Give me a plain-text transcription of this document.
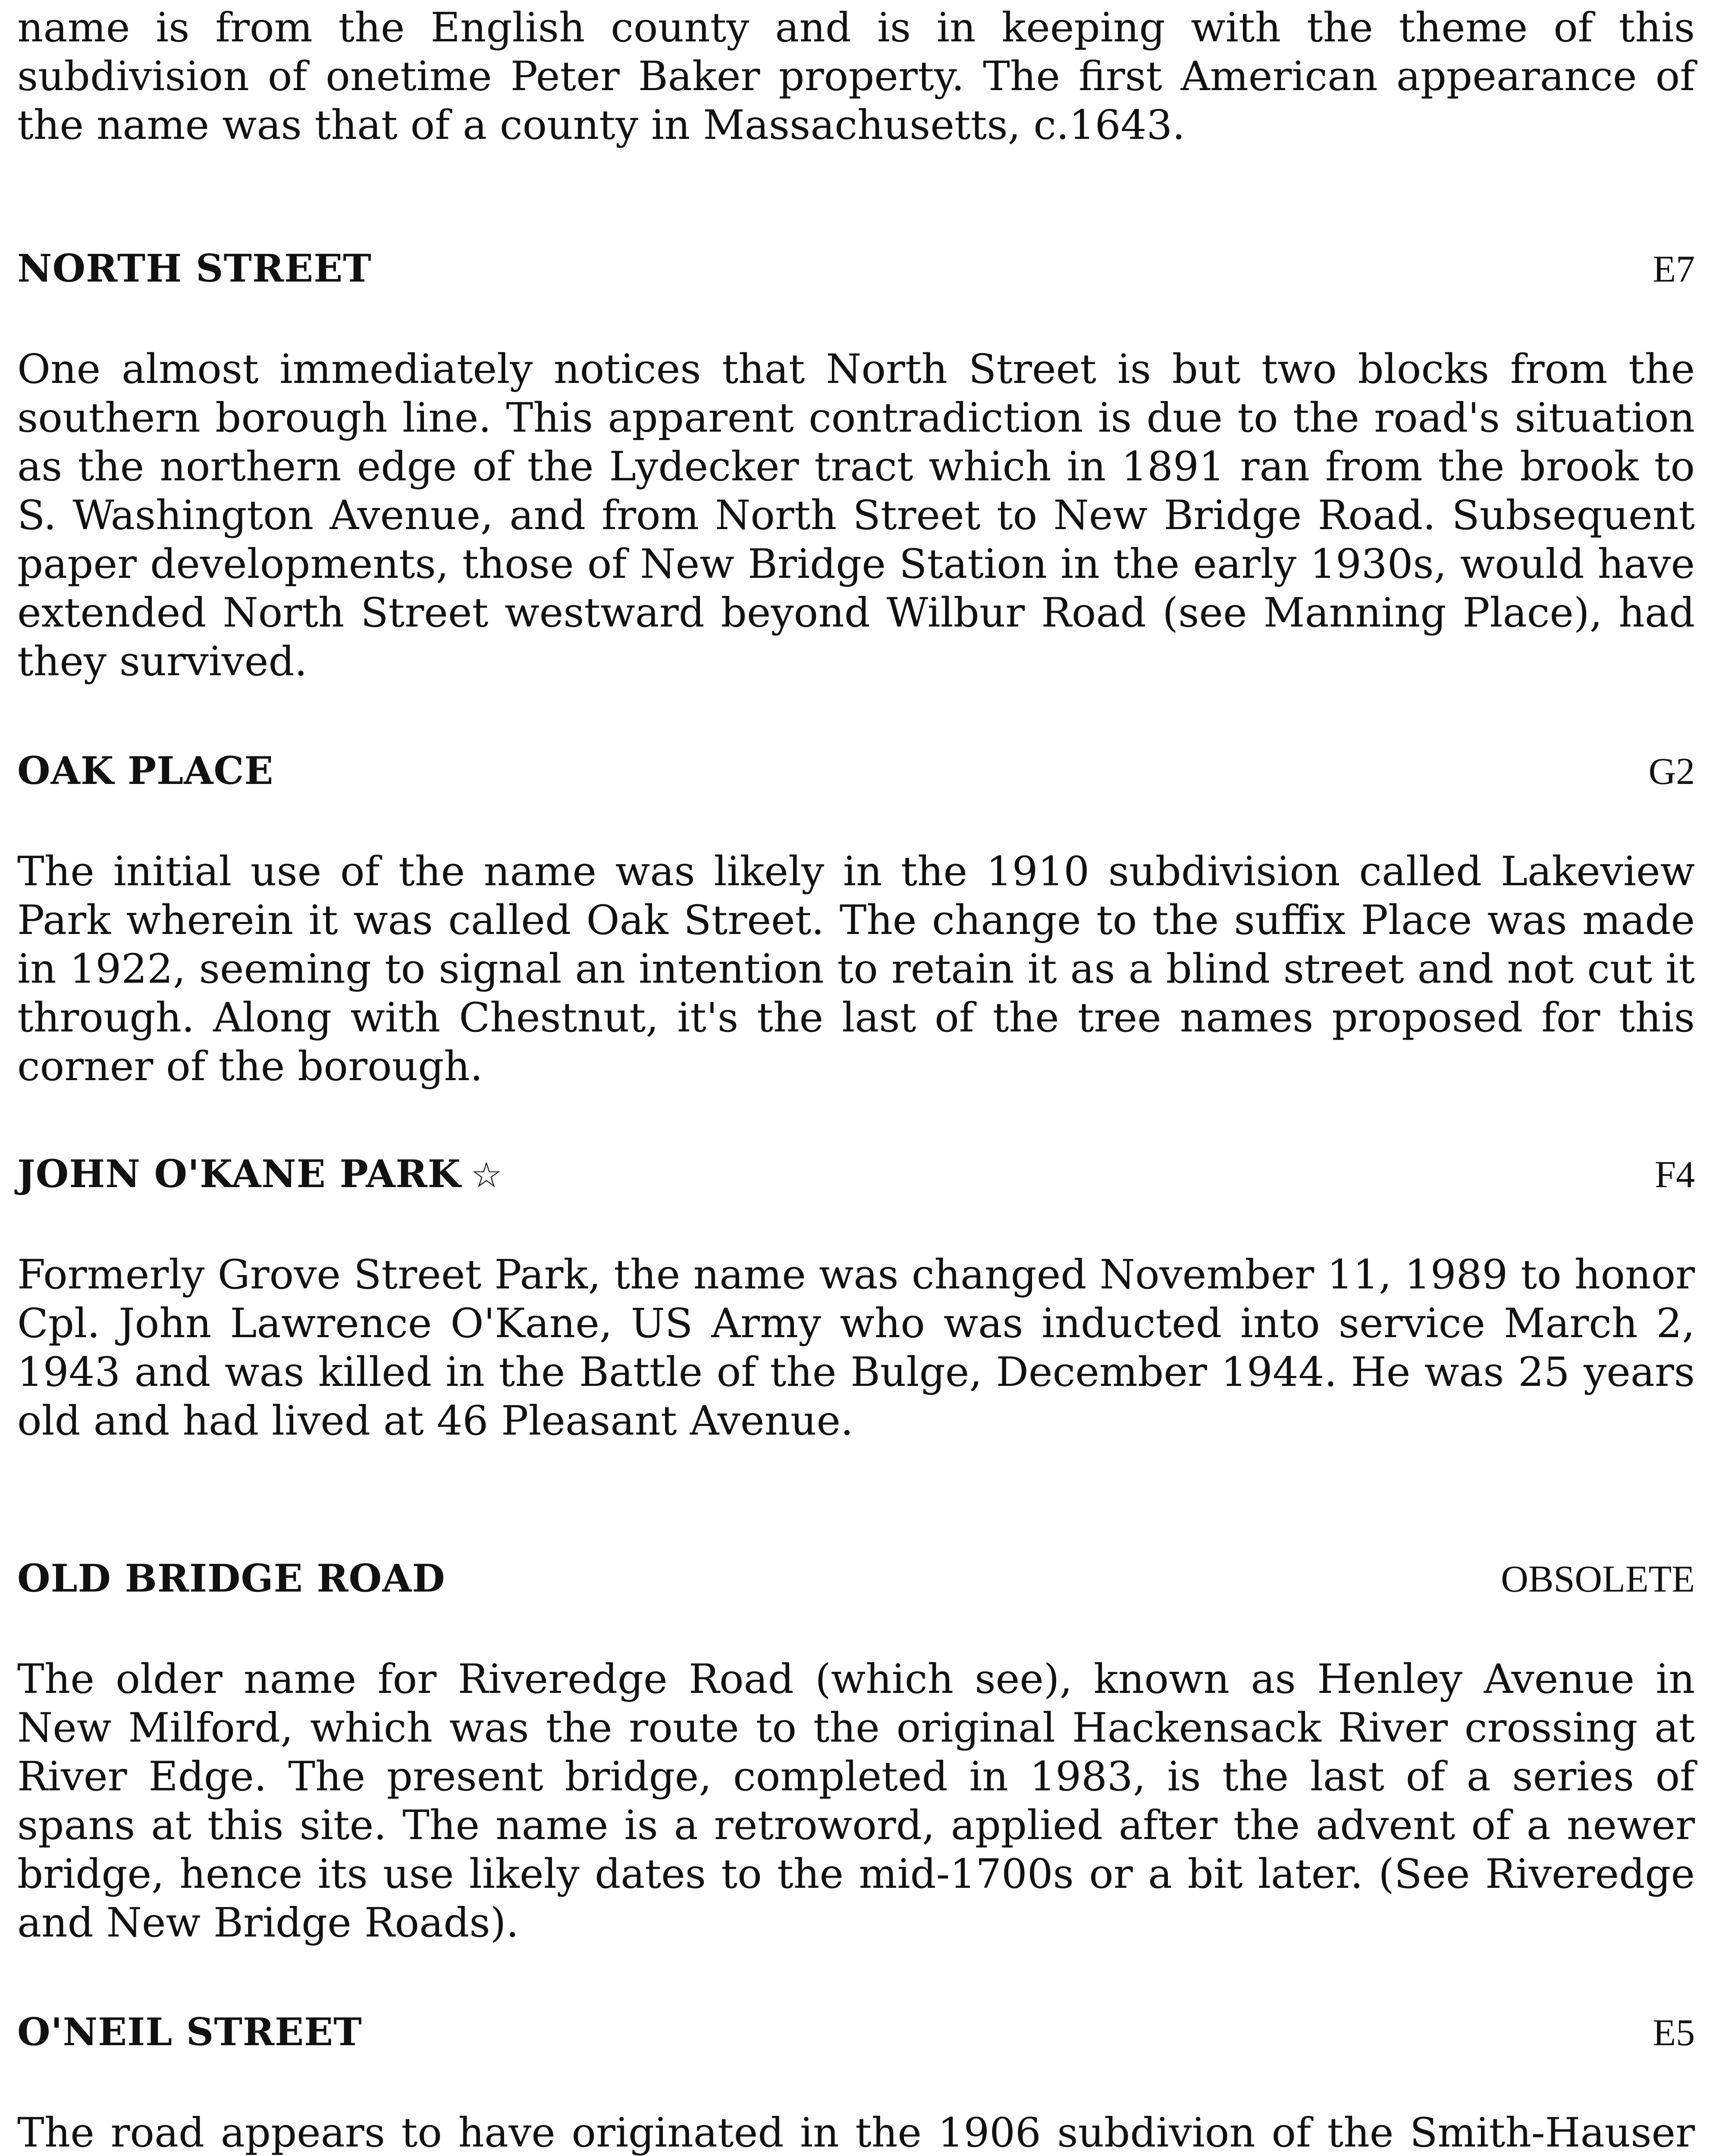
name is from the English county and is in keeping with the theme of this subdivision of onetime Peter Baker property. The first American appearance of the name was that of a county in Massachusetts, c.1643.

NORTH STREET	E7

One almost immediately notices that North Street is but two blocks from the southern borough line. This apparent contradiction is due to the road's situation as the northern edge of the Lydecker tract which in 1891 ran from the brook to S. Washington Avenue, and from North Street to New Bridge Road. Subsequent paper developments, those of New Bridge Station in the early 1930s, would have extended North Street westward beyond Wilbur Road (see Manning Place), had they survived.

OAK PLACE	G2

The initial use of the name was likely in the 1910 subdivision called Lakeview Park wherein it was called Oak Street. The change to the suffix Place was made in 1922, seeming to signal an intention to retain it as a blind street and not cut it through. Along with Chestnut, it's the last of the tree names proposed for this corner of the borough.

JOHN O'KANE PARK ☆	F4

Formerly Grove Street Park, the name was changed November 11, 1989 to honor Cpl. John Lawrence O'Kane, US Army who was inducted into service March 2, 1943 and was killed in the Battle of the Bulge, December 1944. He was 25 years old and had lived at 46 Pleasant Avenue.

OLD BRIDGE ROAD	OBSOLETE

The older name for Riveredge Road (which see), known as Henley Avenue in New Milford, which was the route to the original Hackensack River crossing at River Edge. The present bridge, completed in 1983, is the last of a series of spans at this site. The name is a retroword, applied after the advent of a newer bridge, hence its use likely dates to the mid-1700s or a bit later. (See Riveredge and New Bridge Roads).

O'NEIL STREET	E5

The road appears to have originated in the 1906 subdivion of the Smith-Hauser
